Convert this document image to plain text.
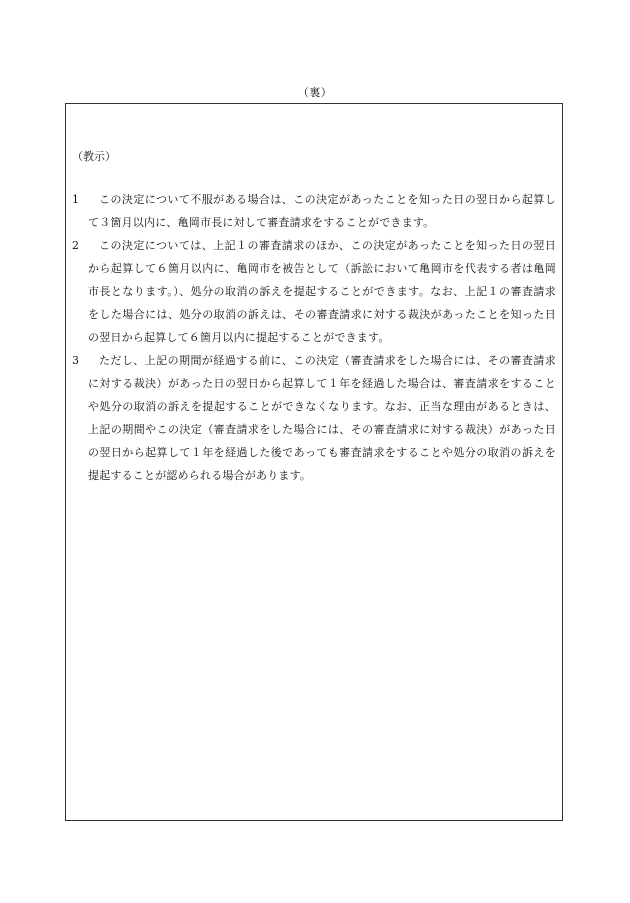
（裏）
（教示）
1	この決定について不服がある場合は、この決定があったことを知った日の翌日から起算して３箇月以内に、亀岡市長に対して審査請求をすることができます。
2	この決定については、上記１の審査請求のほか、この決定があったことを知った日の翌日から起算して６箇月以内に、亀岡市を被告として（訴訟において亀岡市を代表する者は亀岡市長となります。）、処分の取消の訴えを提起することができます。なお、上記１の審査請求をした場合には、処分の取消の訴えは、その審査請求に対する裁決があったことを知った日の翌日から起算して６箇月以内に提起することができます。
3	ただし、上記の期間が経過する前に、この決定（審査請求をした場合には、その審査請求に対する裁決）があった日の翌日から起算して１年を経過した場合は、審査請求をすることや処分の取消の訴えを提起することができなくなります。なお、正当な理由があるときは、上記の期間やこの決定（審査請求をした場合には、その審査請求に対する裁決）があった日の翌日から起算して１年を経過した後であっても審査請求をすることや処分の取消の訴えを提起することが認められる場合があります。
